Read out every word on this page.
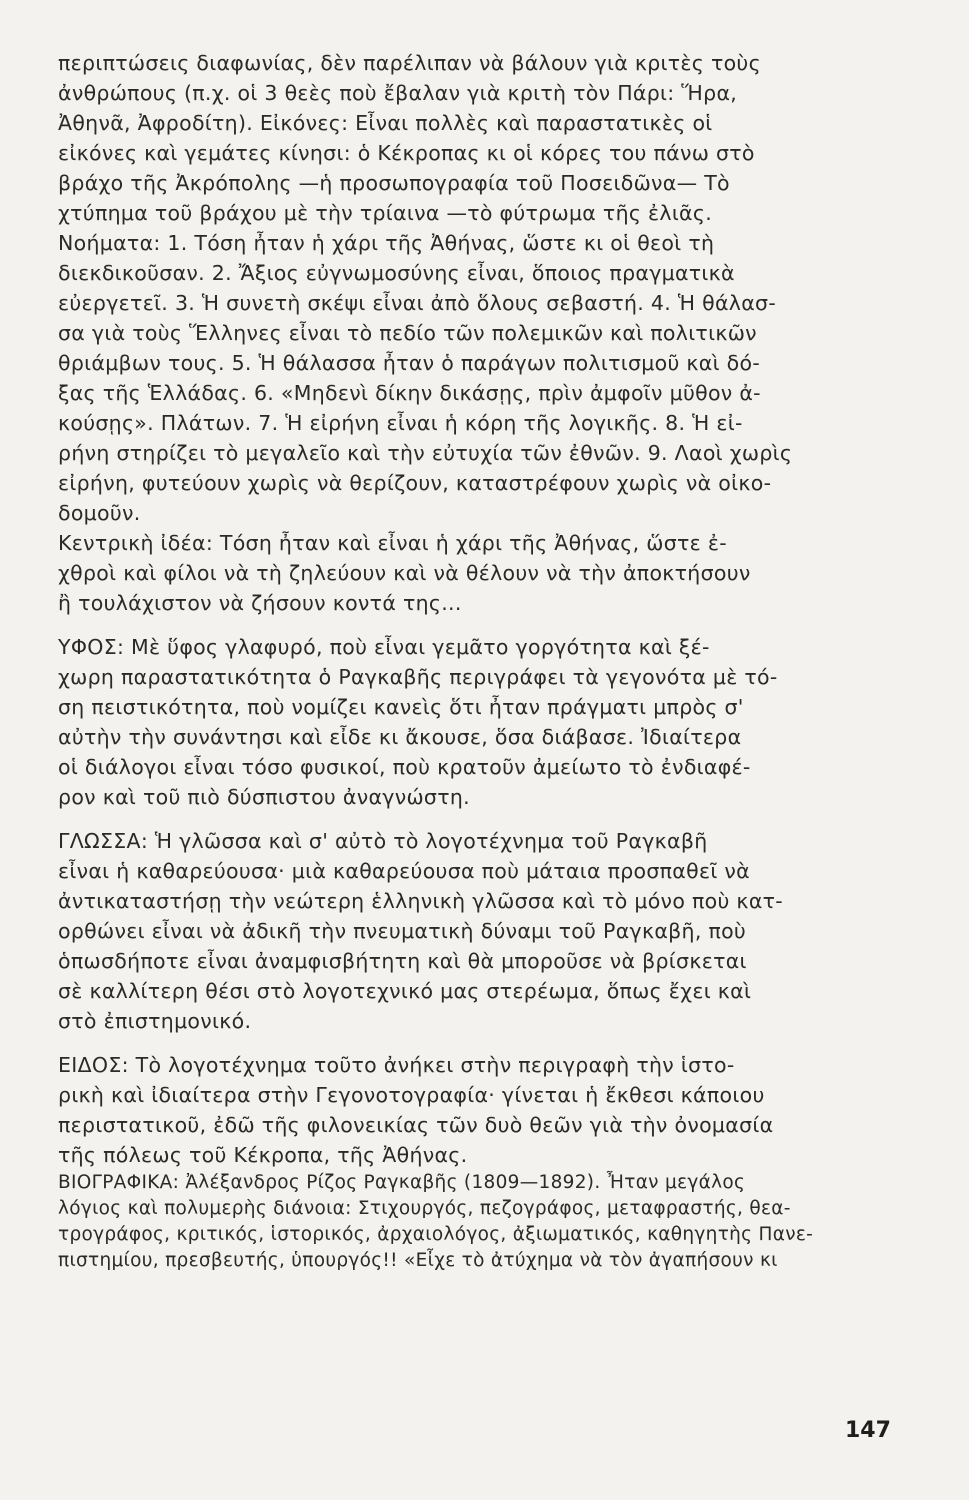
περιπτώσεις διαφωνίας, δὲν παρέλιπαν νὰ βάλουν γιὰ κριτὲς τοὺς
ἀνθρώπους (π.χ. οἱ 3 θεὲς ποὺ ἔβαλαν γιὰ κριτὴ τὸν Πάρι: Ἥρα,
Ἀθηνᾶ, Ἀφροδίτη). Εἰκόνες: Εἶναι πολλὲς καὶ παραστατικὲς οἱ
εἰκόνες καὶ γεμάτες κίνησι: ὁ Κέκροπας κι οἱ κόρες του πάνω στὸ
βράχο τῆς Ἀκρόπολης —ἡ προσωπογραφία τοῦ Ποσειδῶνα— Τὸ
χτύπημα τοῦ βράχου μὲ τὴν τρίαινα —τὸ φύτρωμα τῆς ἐλιᾶς.

Νοήματα: 1. Τόση ἦταν ἡ χάρι τῆς Ἀθήνας, ὥστε κι οἱ θεοὶ τὴ
διεκδικοῦσαν. 2. Ἄξιος εὐγνωμοσύνης εἶναι, ὅποιος πραγματικὰ
εὐεργετεῖ. 3. Ἡ συνετὴ σκέψι εἶναι ἀπὸ ὅλους σεβαστή. 4. Ἡ θάλασ-
σα γιὰ τοὺς Ἕλληνες εἶναι τὸ πεδίο τῶν πολεμικῶν καὶ πολιτικῶν
θριάμβων τους. 5. Ἡ θάλασσα ἦταν ὁ παράγων πολιτισμοῦ καὶ δό-
ξας τῆς Ἑλλάδας. 6. «Μηδενὶ δίκην δικάσῃς, πρὶν ἀμφοῖν μῦθον ἀ-
κούσῃς». Πλάτων. 7. Ἡ εἰρήνη εἶναι ἡ κόρη τῆς λογικῆς. 8. Ἡ εἰ-
ρήνη στηρίζει τὸ μεγαλεῖο καὶ τὴν εὐτυχία τῶν ἐθνῶν. 9. Λαοὶ χωρὶς
εἰρήνη, φυτεύουν χωρὶς νὰ θερίζουν, καταστρέφουν χωρὶς νὰ οἰκο-
δομοῦν.

Κεντρικὴ ἰδέα: Τόση ἦταν καὶ εἶναι ἡ χάρι τῆς Ἀθήνας, ὥστε ἐ-
χθροὶ καὶ φίλοι νὰ τὴ ζηλεύουν καὶ νὰ θέλουν νὰ τὴν ἀποκτήσουν
ἢ τουλάχιστον νὰ ζήσουν κοντά της...

ΥΦΟΣ: Μὲ ὕφος γλαφυρό, ποὺ εἶναι γεμᾶτο γοργότητα καὶ ξέ-
χωρη παραστατικότητα ὁ Ραγκαβῆς περιγράφει τὰ γεγονότα μὲ τό-
ση πειστικότητα, ποὺ νομίζει κανεὶς ὅτι ἦταν πράγματι μπρὸς σ'
αὐτὴν τὴν συνάντησι καὶ εἶδε κι ἄκουσε, ὅσα διάβασε. Ἰδιαίτερα
οἱ διάλογοι εἶναι τόσο φυσικοί, ποὺ κρατοῦν ἀμείωτο τὸ ἐνδιαφέ-
ρον καὶ τοῦ πιὸ δύσπιστου ἀναγνώστη.

ΓΛΩΣΣΑ: Ἡ γλῶσσα καὶ σ' αὐτὸ τὸ λογοτέχνημα τοῦ Ραγκαβῆ
εἶναι ἡ καθαρεύουσα· μιὰ καθαρεύουσα ποὺ μάταια προσπαθεῖ νὰ
ἀντικαταστήσῃ τὴν νεώτερη ἑλληνικὴ γλῶσσα καὶ τὸ μόνο ποὺ κατ-
ορθώνει εἶναι νὰ ἀδικῆ τὴν πνευματικὴ δύναμι τοῦ Ραγκαβῆ, ποὺ
ὁπωσδήποτε εἶναι ἀναμφισβήτητη καὶ θὰ μποροῦσε νὰ βρίσκεται
σὲ καλλίτερη θέσι στὸ λογοτεχνικό μας στερέωμα, ὅπως ἔχει καὶ
στὸ ἐπιστημονικό.

ΕΙΔΟΣ: Τὸ λογοτέχνημα τοῦτο ἀνήκει στὴν περιγραφὴ τὴν ἱστο-
ρικὴ καὶ ἰδιαίτερα στὴν Γεγονοτογραφία· γίνεται ἡ ἔκθεσι κάποιου
περιστατικοῦ, ἐδῶ τῆς φιλονεικίας τῶν δυὸ θεῶν γιὰ τὴν ὀνομασία
τῆς πόλεως τοῦ Κέκροπα, τῆς Ἀθήνας.

ΒΙΟΓΡΑΦΙΚΑ: Ἀλέξανδρος Ρίζος Ραγκαβῆς (1809—1892). Ἦταν μεγάλος
λόγιος καὶ πολυμερὴς διάνοια: Στιχουργός, πεζογράφος, μεταφραστής, θεα-
τρογράφος, κριτικός, ἱστορικός, ἀρχαιολόγος, ἀξιωματικός, καθηγητὴς Πανε-
πιστημίου, πρεσβευτής, ὑπουργός!! «Εἶχε τὸ ἀτύχημα νὰ τὸν ἀγαπήσουν κι

147
